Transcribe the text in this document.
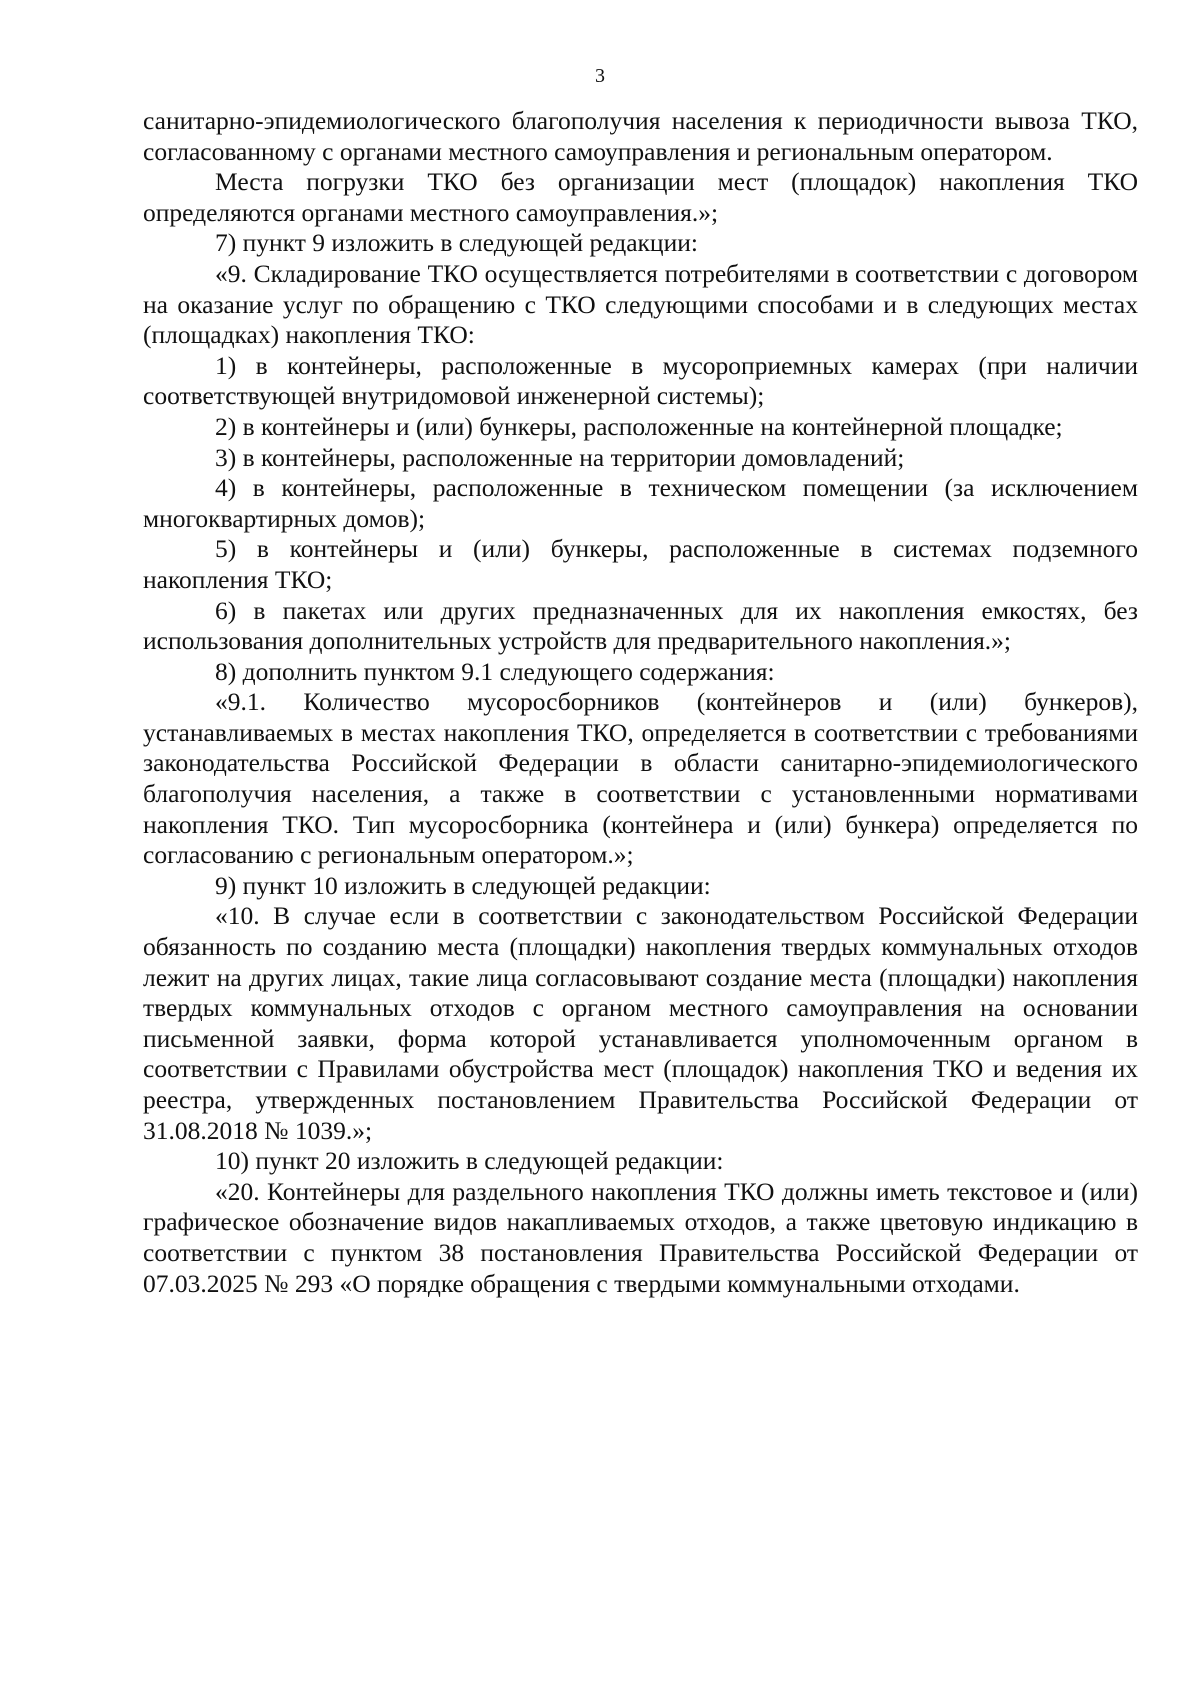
3

санитарно-эпидемиологического благополучия населения к периодичности вывоза ТКО, согласованному с органами местного самоуправления и региональным оператором.

Места погрузки ТКО без организации мест (площадок) накопления ТКО определяются органами местного самоуправления.»;

7) пункт 9 изложить в следующей редакции:

«9. Складирование ТКО осуществляется потребителями в соответствии с договором на оказание услуг по обращению с ТКО следующими способами и в следующих местах (площадках) накопления ТКО:

1) в контейнеры, расположенные в мусороприемных камерах (при наличии соответствующей внутридомовой инженерной системы);

2) в контейнеры и (или) бункеры, расположенные на контейнерной площадке;

3) в контейнеры, расположенные на территории домовладений;

4) в контейнеры, расположенные в техническом помещении (за исключением многоквартирных домов);

5) в контейнеры и (или) бункеры, расположенные в системах подземного накопления ТКО;

6) в пакетах или других предназначенных для их накопления емкостях, без использования дополнительных устройств для предварительного накопления.»;

8) дополнить пунктом 9.1 следующего содержания:

«9.1. Количество мусоросборников (контейнеров и (или) бункеров), устанавливаемых в местах накопления ТКО, определяется в соответствии с требованиями законодательства Российской Федерации в области санитарно-эпидемиологического благополучия населения, а также в соответствии с установленными нормативами накопления ТКО. Тип мусоросборника (контейнера и (или) бункера) определяется по согласованию с региональным оператором.»;

9) пункт 10 изложить в следующей редакции:

«10. В случае если в соответствии с законодательством Российской Федерации обязанность по созданию места (площадки) накопления твердых коммунальных отходов лежит на других лицах, такие лица согласовывают создание места (площадки) накопления твердых коммунальных отходов с органом местного самоуправления на основании письменной заявки, форма которой устанавливается уполномоченным органом в соответствии с Правилами обустройства мест (площадок) накопления ТКО и ведения их реестра, утвержденных постановлением Правительства Российской Федерации от 31.08.2018 № 1039.»;

10) пункт 20 изложить в следующей редакции:

«20. Контейнеры для раздельного накопления ТКО должны иметь текстовое и (или) графическое обозначение видов накапливаемых отходов, а также цветовую индикацию в соответствии с пунктом 38 постановления Правительства Российской Федерации от 07.03.2025 № 293 «О порядке обращения с твердыми коммунальными отходами.
